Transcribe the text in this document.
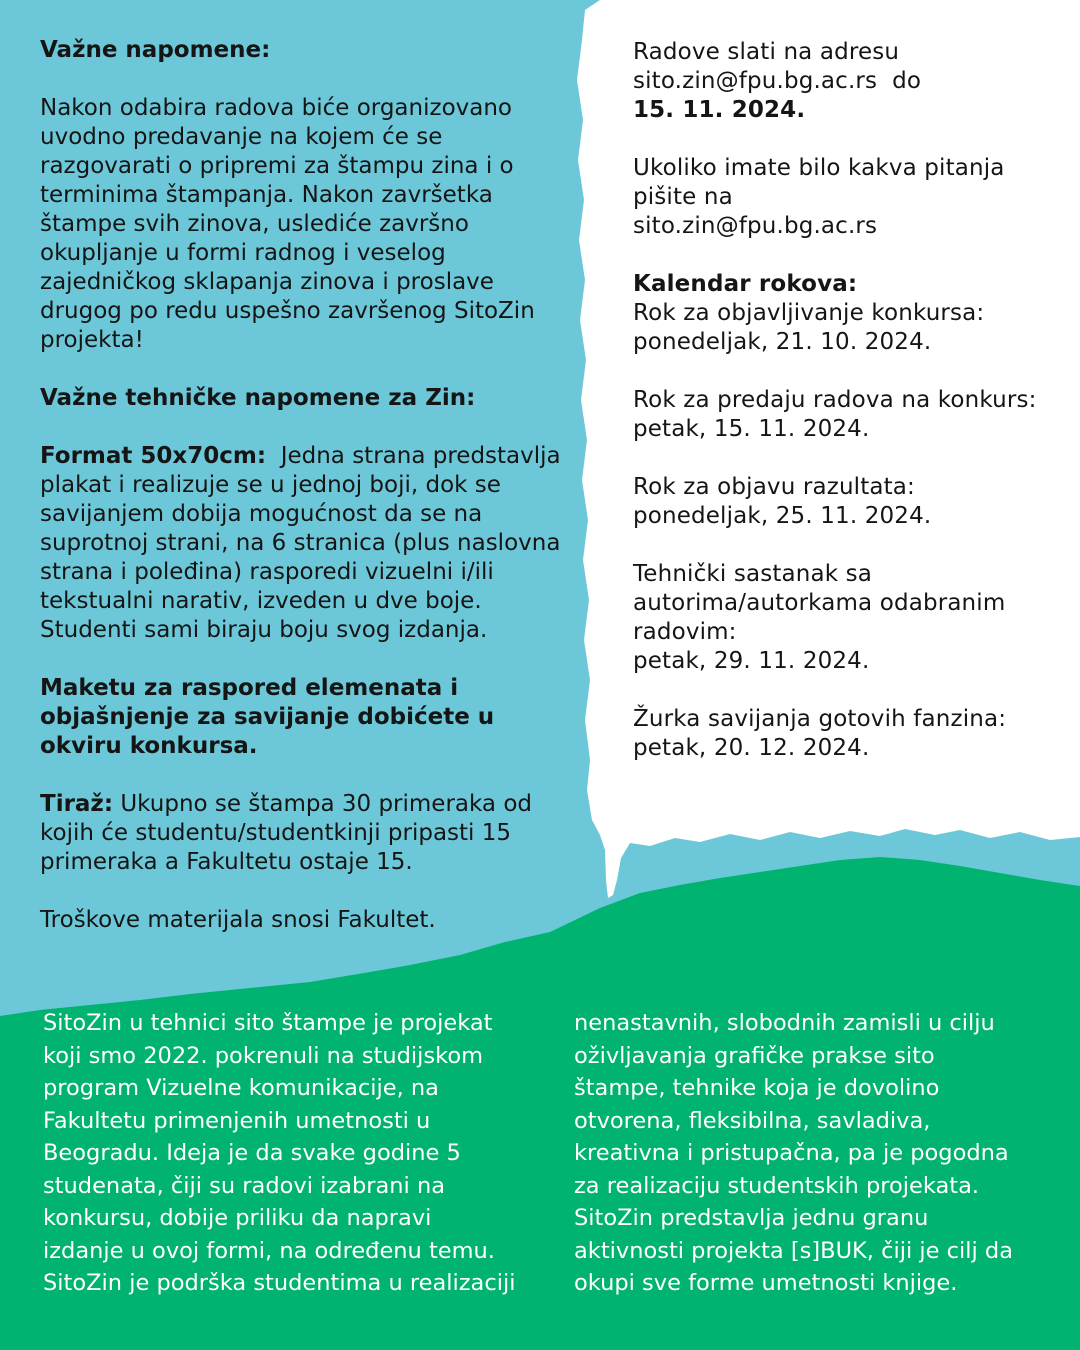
Važne napomene:

Nakon odabira radova biće organizovano uvodno predavanje na kojem će se razgovarati o pripremi za štampu zina i o terminima štampanja. Nakon završetka štampe svih zinova, uslediće završno okupljanje u formi radnog i veselog zajedničkog sklapanja zinova i proslave drugog po redu uspešno završenog SitoZin projekta!

Važne tehničke napomene za Zin:

Format 50x70cm: Jedna strana predstavlja plakat i realizuje se u jednoj boji, dok se savijanjem dobija mogućnost da se na suprotnoj strani, na 6 stranica (plus naslovna strana i poleđina) rasporedi vizuelni i/ili tekstualni narativ, izveden u dve boje. Studenti sami biraju boju svog izdanja.

Maketu za raspored elemenata i objašnjenje za savijanje dobićete u okviru konkursa.

Tiraž: Ukupno se štampa 30 primeraka od kojih će studentu/studentkinji pripasti 15 primeraka a Fakultetu ostaje 15.

Troškove materijala snosi Fakultet.

Radove slati na adresu
sito.zin@fpu.bg.ac.rs do
15. 11. 2024.

Ukoliko imate bilo kakva pitanja pišite na
sito.zin@fpu.bg.ac.rs

Kalendar rokova:
Rok za objavljivanje konkursa:
ponedeljak, 21. 10. 2024.

Rok za predaju radova na konkurs:
petak, 15. 11. 2024.

Rok za objavu razultata:
ponedeljak, 25. 11. 2024.

Tehnički sastanak sa autorima/autorkama odabranim radovim:
petak, 29. 11. 2024.

Žurka savijanja gotovih fanzina:
petak, 20. 12. 2024.

SitoZin u tehnici sito štampe je projekat

koji smo 2022. pokrenuli na studijskom

program Vizuelne komunikacije, na

Fakultetu primenjenih umetnosti u

Beogradu. Ideja je da svake godine 5

studenata, čiji su radovi izabrani na

konkursu, dobije priliku da napravi

izdanje u ovoj formi, na određenu temu.

SitoZin je podrška studentima u realizaciji

nenastavnih, slobodnih zamisli u cilju

oživljavanja grafičke prakse sito

štampe, tehnike koja je dovolino

otvorena, fleksibilna, savladiva,

kreativna i pristupačna, pa je pogodna

za realizaciju studentskih projekata.

SitoZin predstavlja jednu granu

aktivnosti projekta [s]BUK, čiji je cilj da

okupi sve forme umetnosti knjige.
